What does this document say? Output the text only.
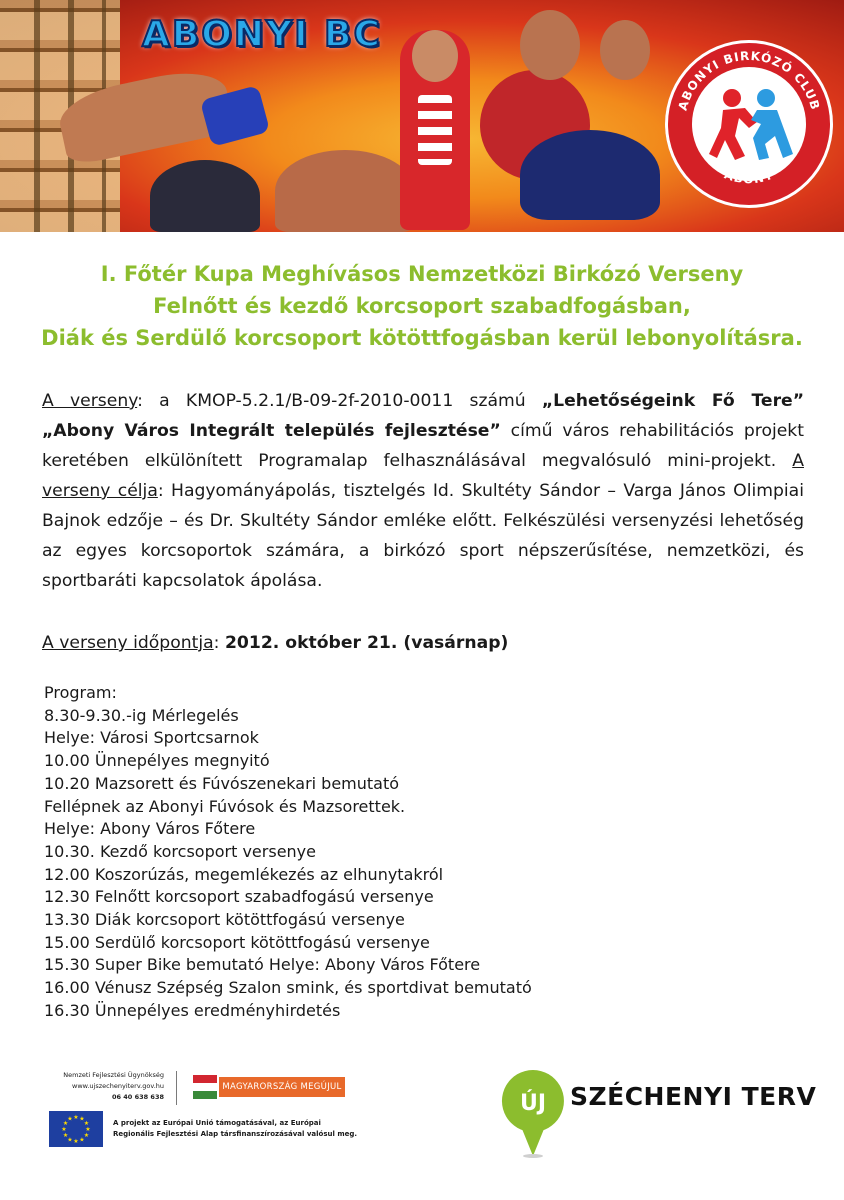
ABONYI BC
ABONYI BIRKÓZÓ CLUB
ABONY
I. Főtér Kupa Meghívásos Nemzetközi Birkózó Verseny
Felnőtt és kezdő korcsoport szabadfogásban,
Diák és Serdülő korcsoport kötöttfogásban kerül lebonyolításra.

A verseny: a KMOP-5.2.1/B-09-2f-2010-0011 számú „Lehetőségeink Fő Tere” „Abony Város Integrált település fejlesztése” című város rehabilitációs projekt keretében elkülönített Programalap felhasználásával megvalósuló mini-projekt. A verseny célja: Hagyományápolás, tisztelgés Id. Skultéty Sándor – Varga János Olimpiai Bajnok edzője – és Dr. Skultéty Sándor emléke előtt. Felkészülési versenyzési lehetőség az egyes korcsoportok számára, a birkózó sport népszerűsítése, nemzetközi, és sportbaráti kapcsolatok ápolása.

A verseny időpontja: 2012. október 21. (vasárnap)
Program:
8.30-9.30.-ig Mérlegelés
Helye: Városi Sportcsarnok
10.00 Ünnepélyes megnyitó
10.20 Mazsorett és Fúvószenekari bemutató
Fellépnek az Abonyi Fúvósok és Mazsorettek.
Helye: Abony Város Főtere
10.30. Kezdő korcsoport versenye
12.00 Koszorúzás, megemlékezés az elhunytakról
12.30 Felnőtt korcsoport szabadfogású versenye
13.30 Diák korcsoport kötöttfogású versenye
15.00 Serdülő korcsoport kötöttfogású versenye
15.30 Super Bike bemutató Helye: Abony Város Főtere
16.00 Vénusz Szépség Szalon smink, és sportdivat bemutató
16.30 Ünnepélyes eredményhirdetés
Nemzeti Fejlesztési Ügynökség
www.ujszechenyiterv.gov.hu
06 40 638 638
MAGYARORSZÁG MEGÚJUL
★ ★
★
★
★
★
★
★
★
★
★
★	A projekt az Európai Unió támogatásával, az Európai
Regionális Fejlesztési Alap társfinanszírozásával valósul meg.
ÚJ SZÉCHENYI TERV
